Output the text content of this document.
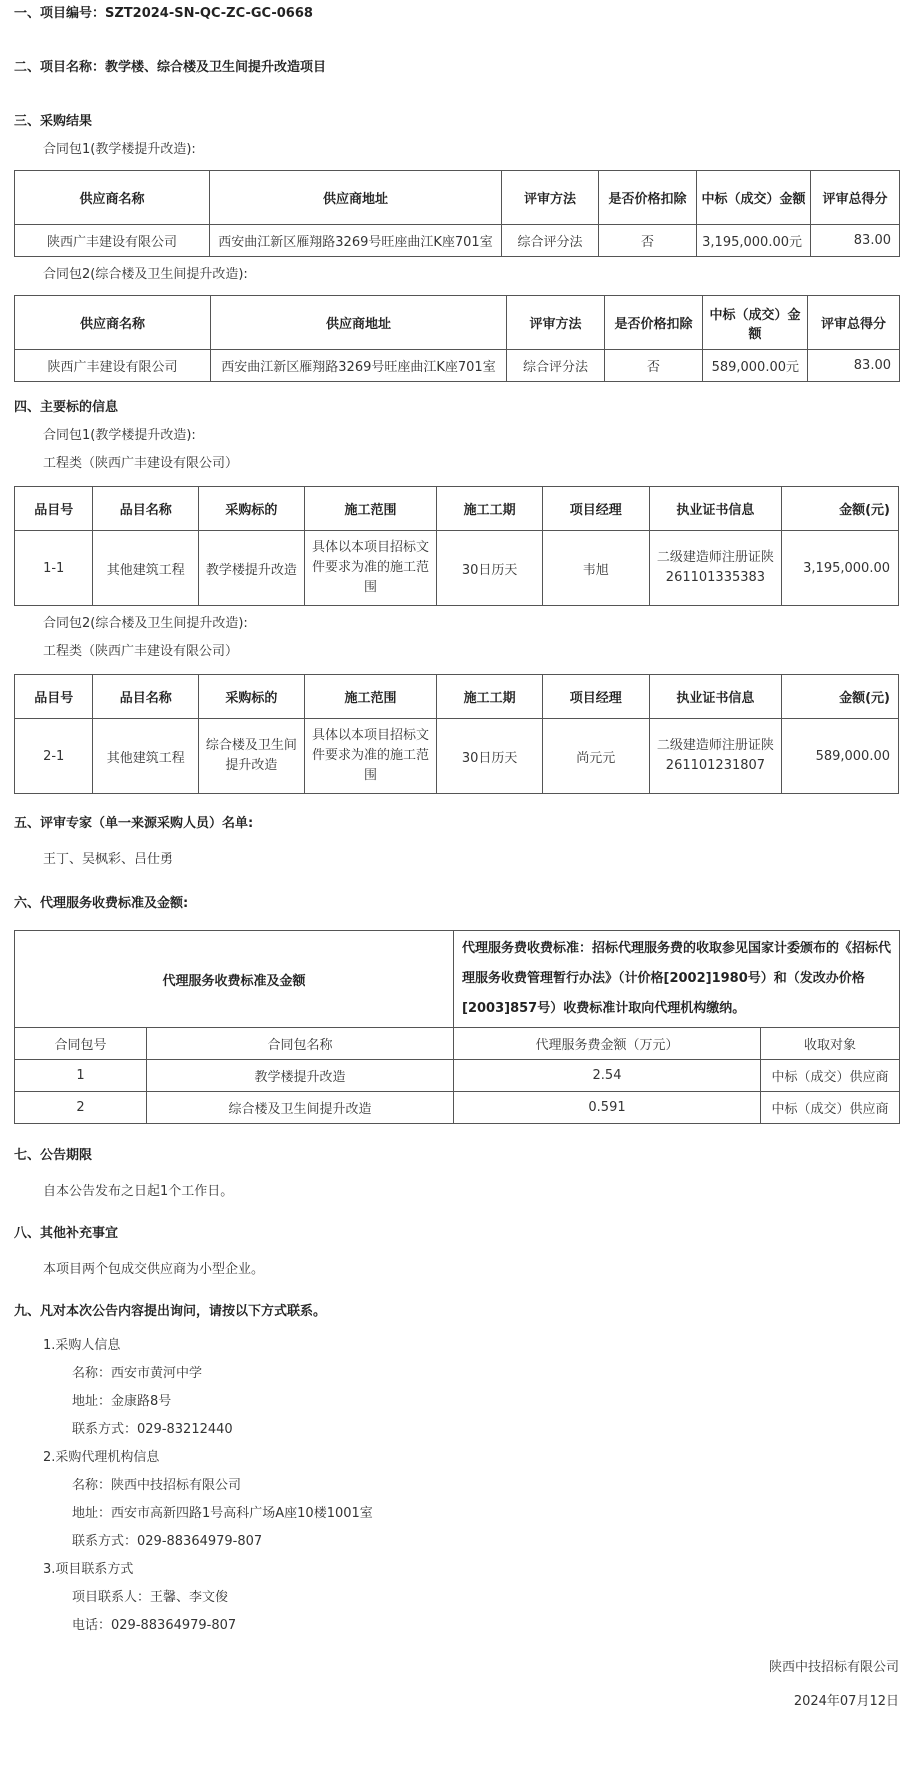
一、项目编号：SZT2024-SN-QC-ZC-GC-0668
二、项目名称：教学楼、综合楼及卫生间提升改造项目
三、采购结果
合同包1(教学楼提升改造):
供应商名称	供应商地址	评审方法	是否价格扣除	中标（成交）金额	评审总得分
陕西广丰建设有限公司	西安曲江新区雁翔路3269号旺座曲江K座701室	综合评分法	否	3,195,000.00元	83.00
合同包2(综合楼及卫生间提升改造):
供应商名称	供应商地址	评审方法	是否价格扣除	中标（成交）金额	评审总得分
陕西广丰建设有限公司	西安曲江新区雁翔路3269号旺座曲江K座701室	综合评分法	否	589,000.00元	83.00
四、主要标的信息
合同包1(教学楼提升改造):
工程类（陕西广丰建设有限公司）
品目号	品目名称	采购标的	施工范围	施工工期	项目经理	执业证书信息	金额(元)
1-1	其他建筑工程	教学楼提升改造	具体以本项目招标文件要求为准的施工范围	30日历天	韦旭	二级建造师注册证陕261101335383	3,195,000.00
合同包2(综合楼及卫生间提升改造):
工程类（陕西广丰建设有限公司）
品目号	品目名称	采购标的	施工范围	施工工期	项目经理	执业证书信息	金额(元)
2-1	其他建筑工程	综合楼及卫生间提升改造	具体以本项目招标文件要求为准的施工范围	30日历天	尚元元	二级建造师注册证陕261101231807	589,000.00
五、评审专家（单一来源采购人员）名单:
王丁、吴枫彩、吕仕勇
六、代理服务收费标准及金额:
代理服务收费标准及金额		代理服务费收费标准：招标代理服务费的收取参见国家计委颁布的《招标代理服务收费管理暂行办法》（计价格[2002]1980号）和（发改办价格[2003]857号）收费标准计取向代理机构缴纳。	
合同包号	合同包名称	代理服务费金额（万元）	收取对象
1	教学楼提升改造	2.54	中标（成交）供应商
2	综合楼及卫生间提升改造	0.591	中标（成交）供应商
七、公告期限
自本公告发布之日起1个工作日。
八、其他补充事宜
本项目两个包成交供应商为小型企业。
九、凡对本次公告内容提出询问，请按以下方式联系。
1.采购人信息
名称：西安市黄河中学
地址：金康路8号
联系方式：029-83212440
2.采购代理机构信息
名称：陕西中技招标有限公司
地址：西安市高新四路1号高科广场A座10楼1001室
联系方式：029-88364979-807
3.项目联系方式
项目联系人：王馨、李文俊
电话：029-88364979-807
陕西中技招标有限公司
2024年07月12日
